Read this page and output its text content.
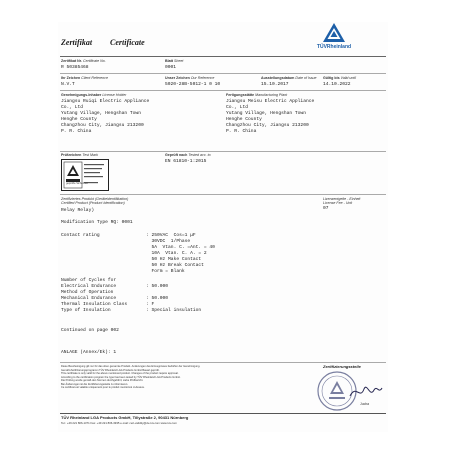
Zertifikat Certificate	TÜVRheinland
Zertifikat Nr. Certificate No.
R 50385468
Blatt Sheet
0001
Ihr Zeichen Client Reference
N.V.T
Unser Zeichen Our Reference
5020-28B-5012-1 0 10
Ausstellungsdatum Date of Issue
15.10.2017
Gültig bis Valid until
14.10.2022
Genehmigungs-Inhaber License Holder
Jiangsu Ruiqi Electric Appliance
Co., Ltd
Yutang Village, Hengshan Town
Henghe County
Changzhou City, Jiangsu 213200
P. R. China
Fertigungsstätte Manufacturing Plant
Jiangsu Meisu Electric Appliance
Co., Ltd
Yutang Village, Hengshan Town
Henghe County
Changzhou City, Jiangsu 213200
P. R. China
Prüfzeichen Test Mark
geprüfte Sicherheit
Geprüft nach Tested acc. to
EN 61810-1:2015
Zertifiziertes Produkt (Geräteidentifikation)
Certified Product (Product Identification)
Lizenzentgelte - Einheit
License Fee - Unit
07
Relay Relay)
Modification Type RQ: 0001
Contact rating	: 250VAC  Cos=1 μF
30VDC  1/Phase
5A  Vtan. C. =Ant. = 40
10A  Vtan. C. A. = 2
50 Hz Make Contact
50 Hz Break Contact
Form = Blank
Number of Cycles for
Electrical Endurance	: 50.000
Method of Operation
Mechanical Endurance	: 50.000
Thermal Insulation Class	: F
Type of Insulation	: Special insulation
Continued on page 002
ANLAGE (Annex/Ek): 1
Diese Bescheinigung gilt nur für das oben genannte Produkt. Änderungen des Erzeugnisses bedürfen der Genehmigung.
Gemäß Zertifizierungsprogramm TÜV Rheinland LGA Products GmbH Bauart geprüft.
This certificate is only valid for the above mentioned product. Changes of the product require approval.
According to the certification program the type has been tested by TÜV Rheinland LGA Products GmbH.
Die Prüfung wurde gemäß den Normen durchgeführt; siehe Prüfbericht.
Bei Änderungen ist die Zertifizierungsstelle zu informieren.
Ce certificat est valable uniquement pour le produit mentionné ci-dessus.
Zertifizierungsstelle
Jucha
TÜV Rheinland LGA Products GmbH, Tillystraße 2, 90431 Nürnberg
Tel.: +49 221 806-1371 Fax: +49 221 806-3935 e-mail: cert-validity@de.tuv.com www.tuv.com
